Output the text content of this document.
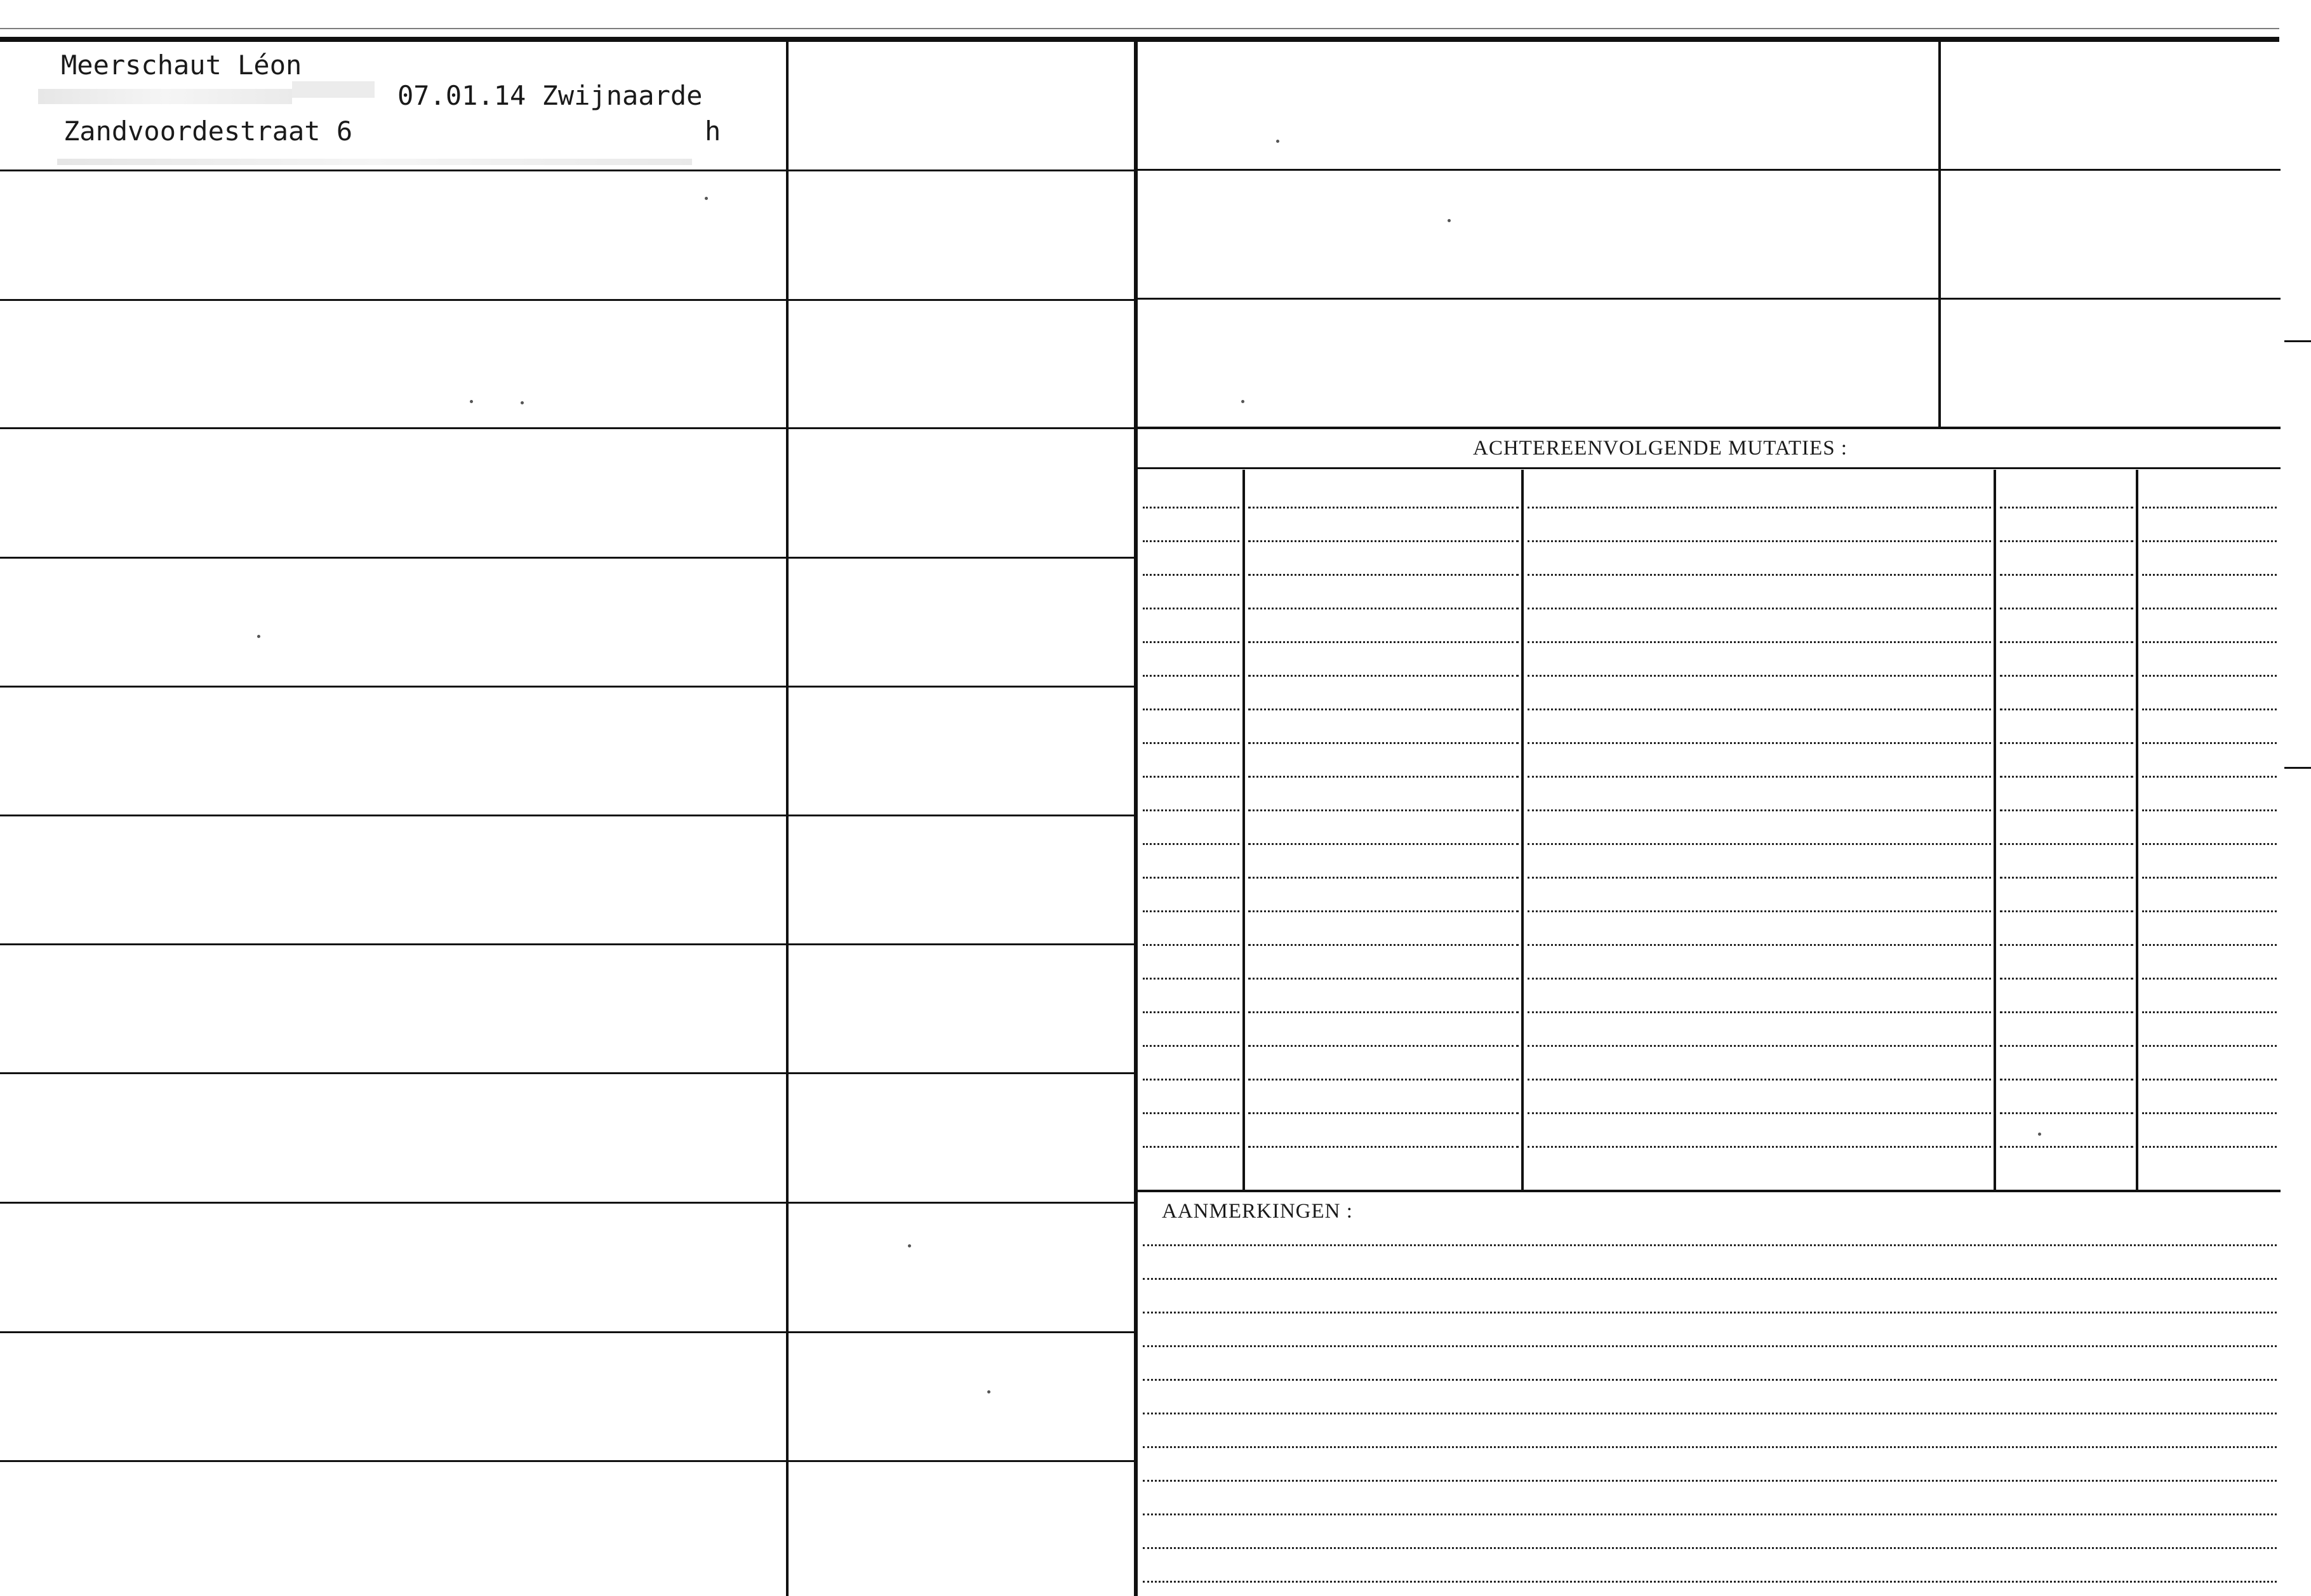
ACHTEREENVOLGENDE MUTATIES :
AANMERKINGEN :
Meerschaut Léon
07.01.14 Zwijnaarde
Zandvoordestraat 6	h
